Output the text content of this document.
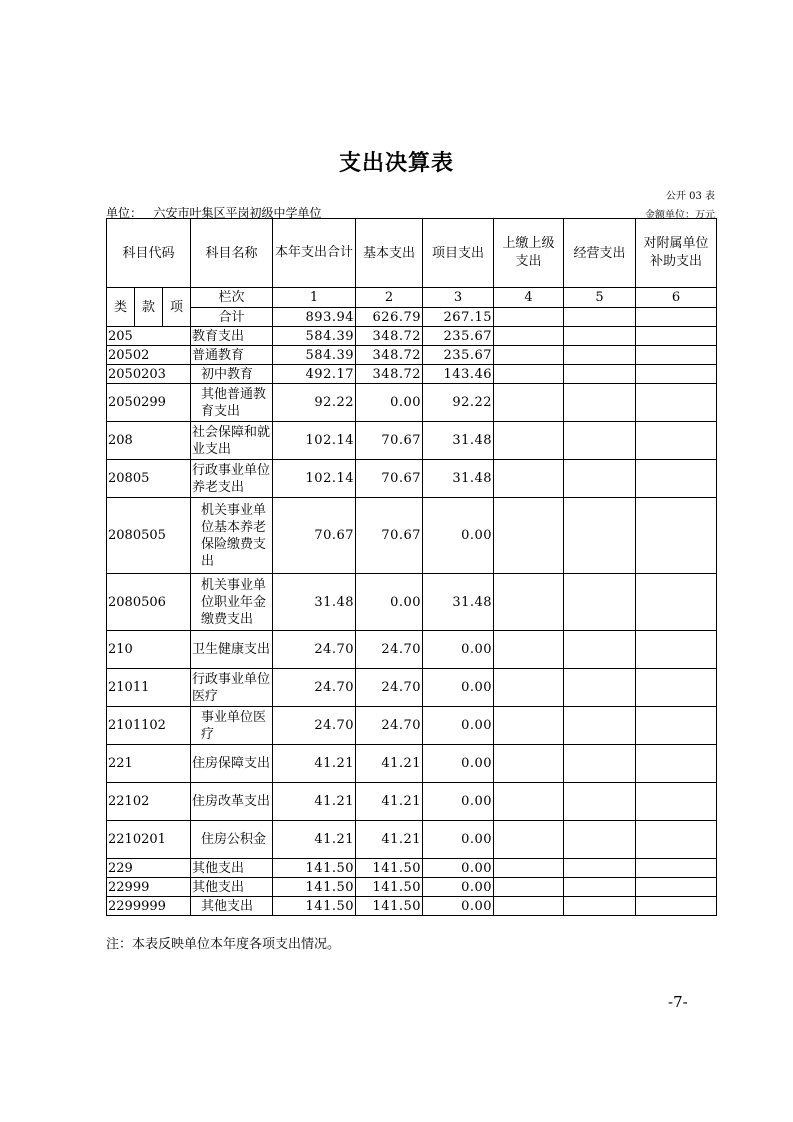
支出决算表
公开 03 表
单位： 六安市叶集区平岗初级中学单位	金额单位：万元
科目代码			科目名称	本年支出合计	基本支出	项目支出	上缴上级支出	经营支出	对附属单位补助支出
类	款	项	栏次	1	2	3	4	5	6
			合计	893.94	626.79	267.15			
205			教育支出	584.39	348.72	235.67			
20502			普通教育	584.39	348.72	235.67			
2050203			初中教育	492.17	348.72	143.46			
2050299			其他普通教育支出	92.22	0.00	92.22			
208			社会保障和就业支出	102.14	70.67	31.48			
20805			行政事业单位养老支出	102.14	70.67	31.48			
2080505			机关事业单位基本养老保险缴费支出	70.67	70.67	0.00			
2080506			机关事业单位职业年金缴费支出	31.48	0.00	31.48			
210			卫生健康支出	24.70	24.70	0.00			
21011			行政事业单位医疗	24.70	24.70	0.00			
2101102			事业单位医疗	24.70	24.70	0.00			
221			住房保障支出	41.21	41.21	0.00			
22102			住房改革支出	41.21	41.21	0.00			
2210201			住房公积金	41.21	41.21	0.00			
229			其他支出	141.50	141.50	0.00			
22999			其他支出	141.50	141.50	0.00			
2299999			其他支出	141.50	141.50	0.00			
注：本表反映单位本年度各项支出情况。
-7-
